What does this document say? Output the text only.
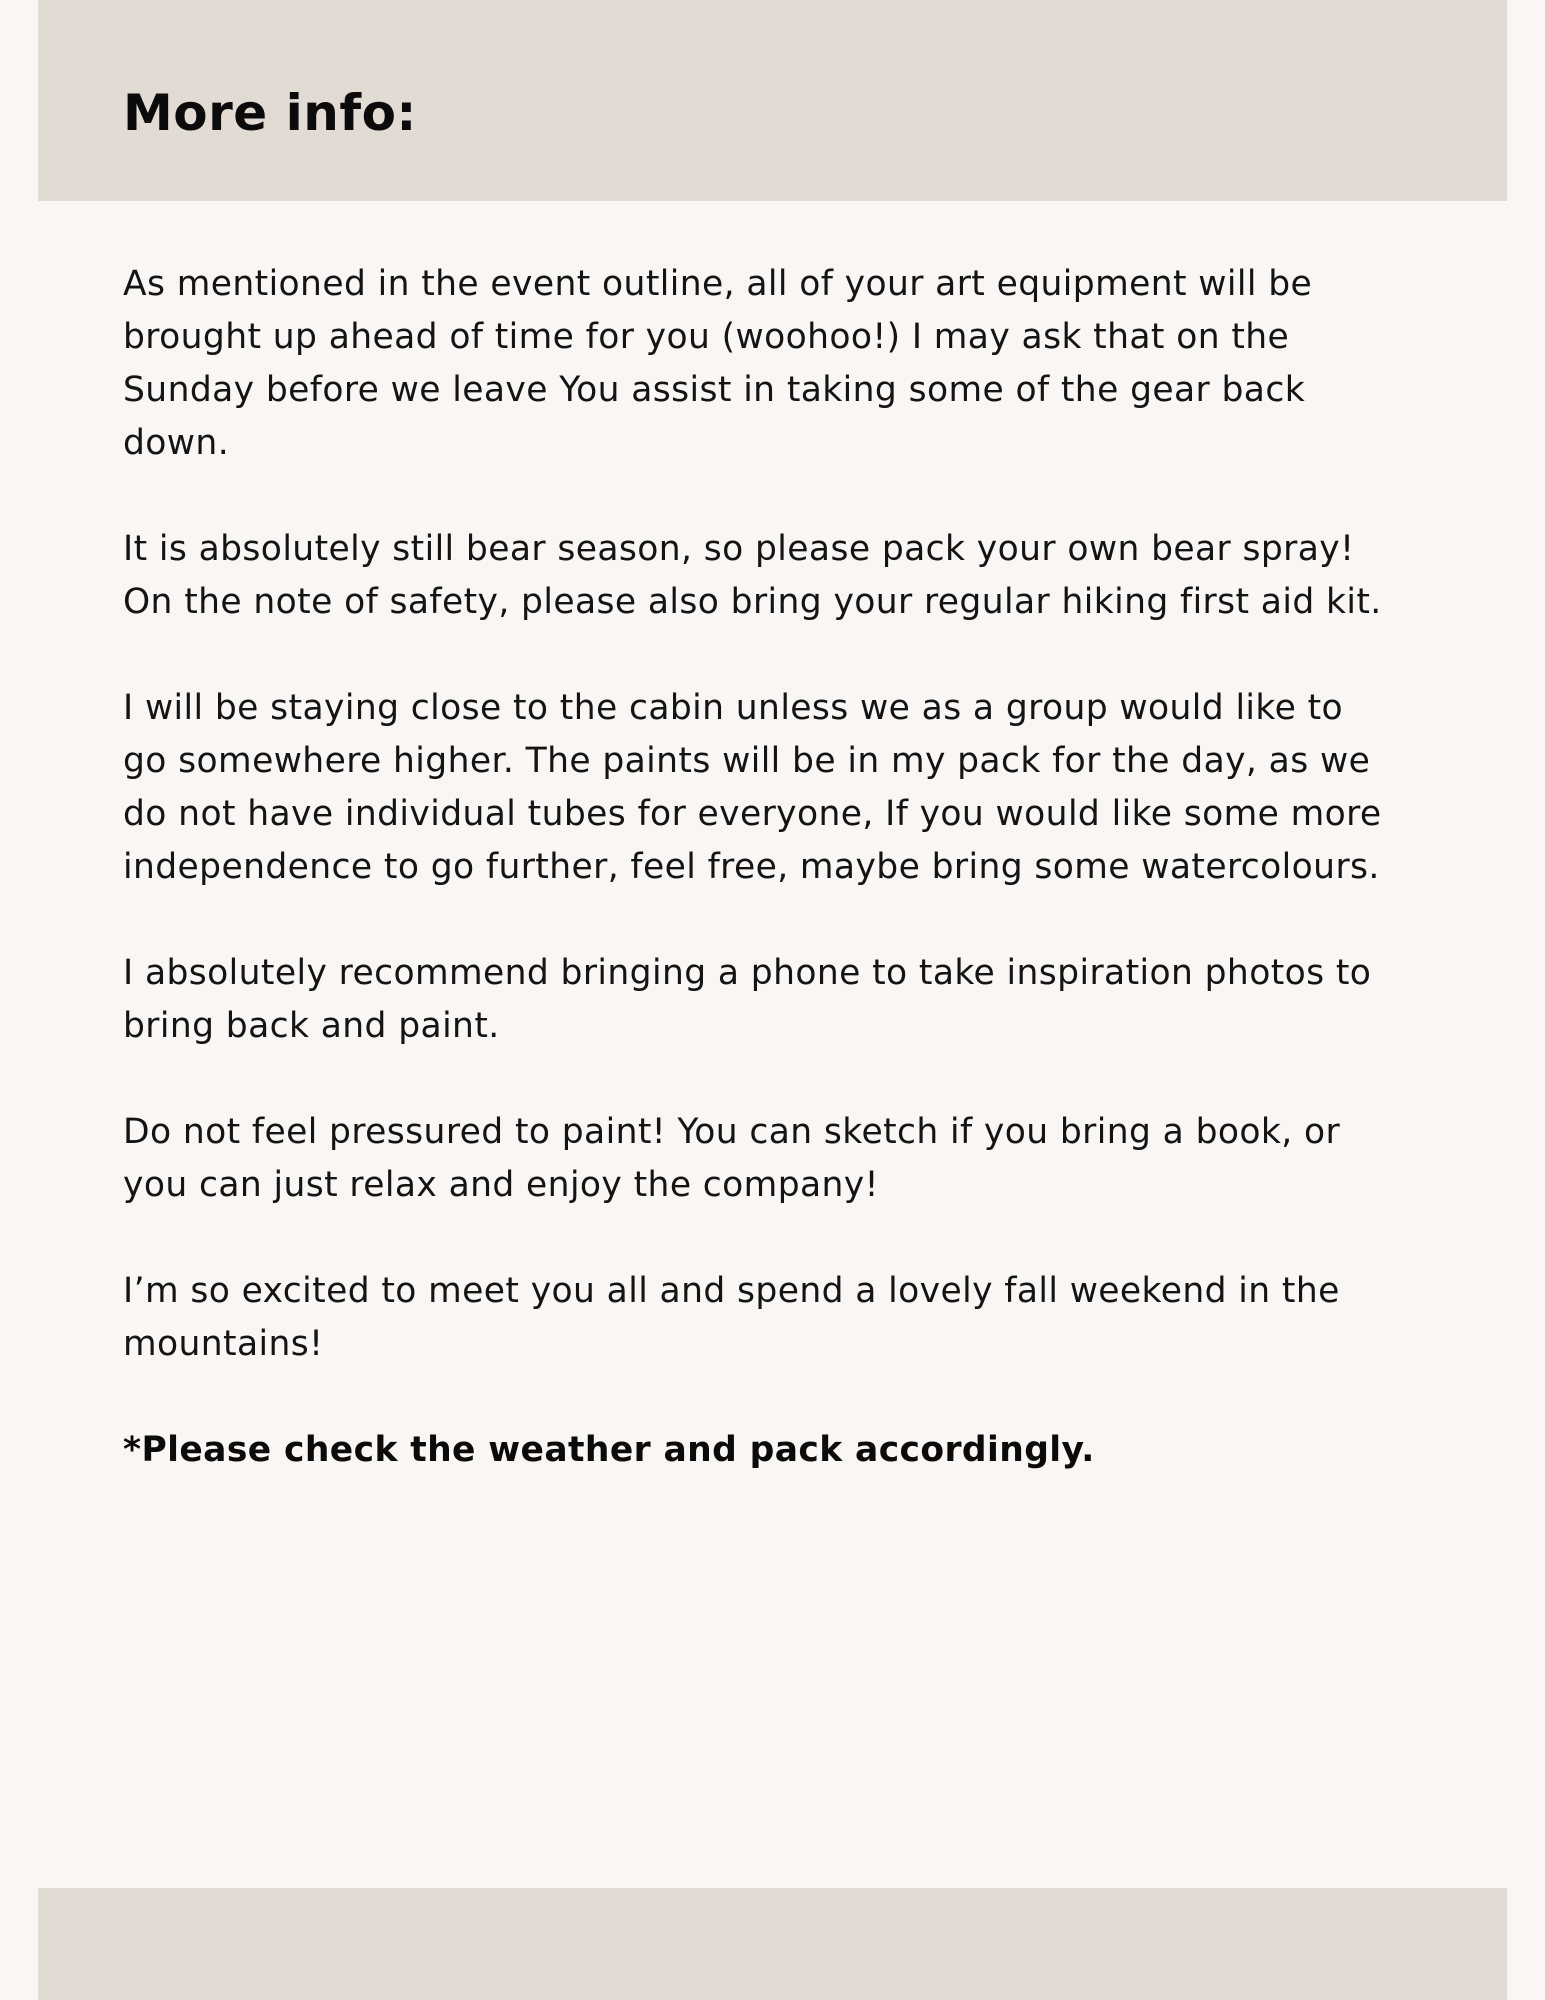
More info:

As mentioned in the event outline, all of your art equipment will be brought up ahead of time for you (woohoo!) I may ask that on the Sunday before we leave You assist in taking some of the gear back down.

It is absolutely still bear season, so please pack your own bear spray! On the note of safety, please also bring your regular hiking first aid kit.

I will be staying close to the cabin unless we as a group would like to go somewhere higher. The paints will be in my pack for the day, as we do not have individual tubes for everyone, If you would like some more independence to go further, feel free, maybe bring some watercolours.

I absolutely recommend bringing a phone to take inspiration photos to bring back and paint.

Do not feel pressured to paint! You can sketch if you bring a book, or you can just relax and enjoy the company!

I’m so excited to meet you all and spend a lovely fall weekend in the mountains!

*Please check the weather and pack accordingly.
